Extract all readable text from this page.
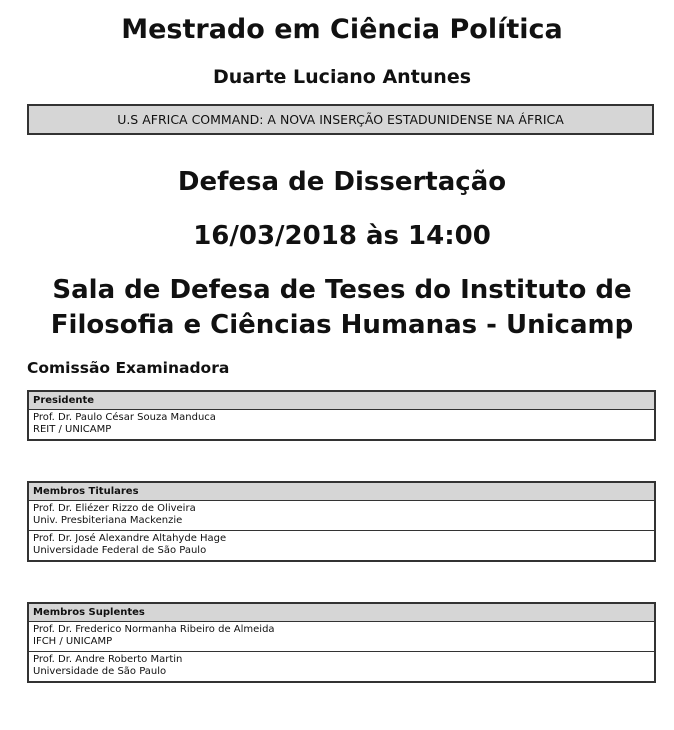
Mestrado em Ciência Política
Duarte Luciano Antunes
U.S AFRICA COMMAND: A NOVA INSERÇÃO ESTADUNIDENSE NA ÁFRICA
Defesa de Dissertação
16/03/2018 às 14:00
Sala de Defesa de Teses do Instituto de Filosofia e Ciências Humanas - Unicamp
Comissão Examinadora
Presidente

Prof. Dr. Paulo César Souza Manduca
REIT / UNICAMP
Membros Titulares

Prof. Dr. Eliézer Rizzo de Oliveira
Univ. Presbiteriana Mackenzie

Prof. Dr. José Alexandre Altahyde Hage
Universidade Federal de São Paulo
Membros Suplentes

Prof. Dr. Frederico Normanha Ribeiro de Almeida
IFCH / UNICAMP

Prof. Dr. Andre Roberto Martin
Universidade de São Paulo
